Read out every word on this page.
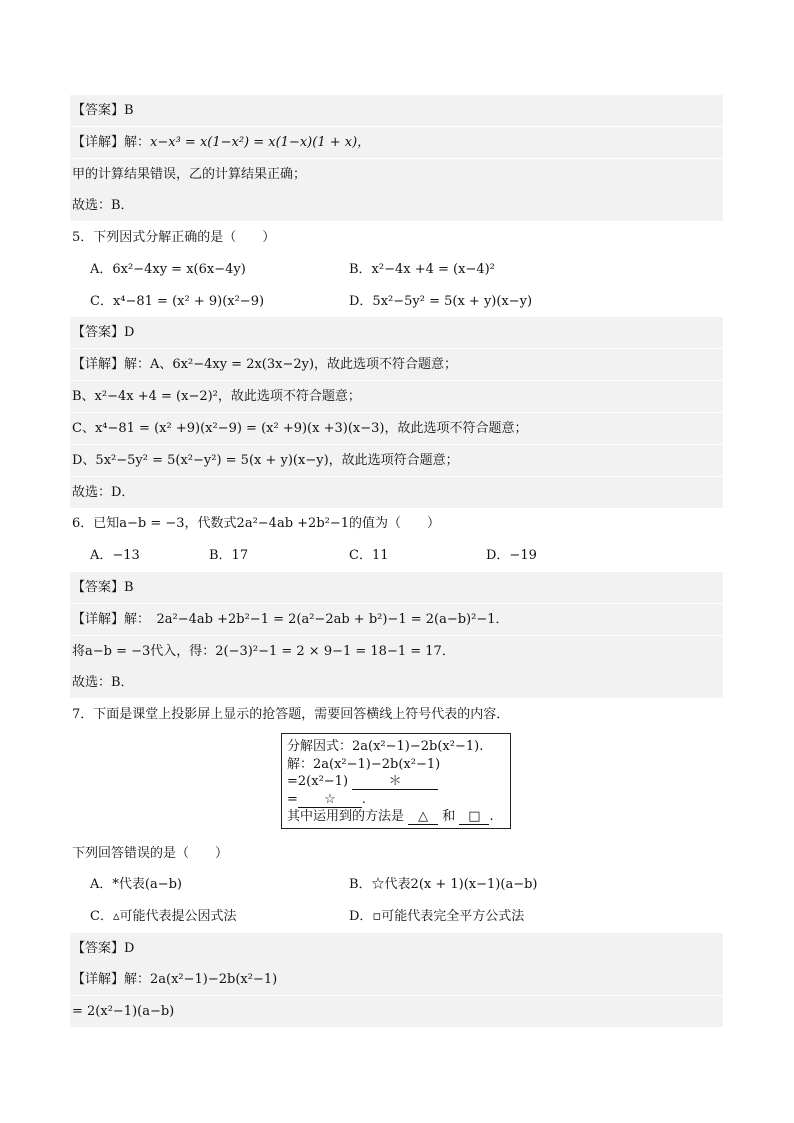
【答案】B
【详解】解：x−x³ = x(1−x²) = x(1−x)(1 + x)，
甲的计算结果错误，乙的计算结果正确；
故选：B．
5．下列因式分解正确的是（　　）
A．6x²−4xy = x(6x−4y)	B．x²−4x +4 = (x−4)²
C．x⁴−81 = (x² + 9)(x²−9)	D．5x²−5y² = 5(x + y)(x−y)
【答案】D
【详解】解：A、6x²−4xy = 2x(3x−2y)，故此选项不符合题意；
B、x²−4x +4 = (x−2)²，故此选项不符合题意；
C、x⁴−81 = (x² +9)(x²−9) = (x² +9)(x +3)(x−3)，故此选项不符合题意；
D、5x²−5y² = 5(x²−y²) = 5(x + y)(x−y)，故此选项符合题意；
故选：D．
6．已知a−b = −3，代数式2a²−4ab +2b²−1的值为（　　）
A．−13	B．17	C．11	D．−19
【答案】B
【详解】解：　2a²−4ab +2b²−1 = 2(a²−2ab + b²)−1 = 2(a−b)²−1．
将a−b = −3代入，得：2(−3)²−1 = 2 × 9−1 = 18−1 = 17．
故选：B．
7．下面是课堂上投影屏上显示的抢答题，需要回答横线上符号代表的内容．
分解因式：2a(x²−1)−2b(x²−1).
解：2a(x²−1)−2b(x²−1)
=2(x²−1)	＊
= ☆ .
其中运用到的方法是 △ 和 □ .
下列回答错误的是（　　）
A．*代表(a−b)	B．☆代表2(x + 1)(x−1)(a−b)
C．▵可能代表提公因式法	D．▫可能代表完全平方公式法
【答案】D
【详解】解：2a(x²−1)−2b(x²−1)
= 2(x²−1)(a−b)
